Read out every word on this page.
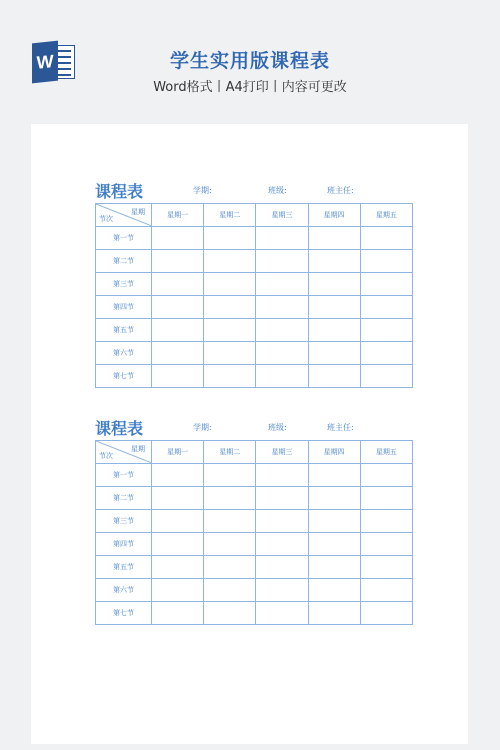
W	学生实用版课程表
Word格式丨A4打印丨内容可更改
课程表	学期:	班级:	班主任:
星期
节次	星期一	星期二	星期三	星期四	星期五
第一节					
第二节					
第三节					
第四节					
第五节					
第六节					
第七节					
课程表	学期:	班级:	班主任:
星期
节次	星期一	星期二	星期三	星期四	星期五
第一节					
第二节					
第三节					
第四节					
第五节					
第六节					
第七节					
